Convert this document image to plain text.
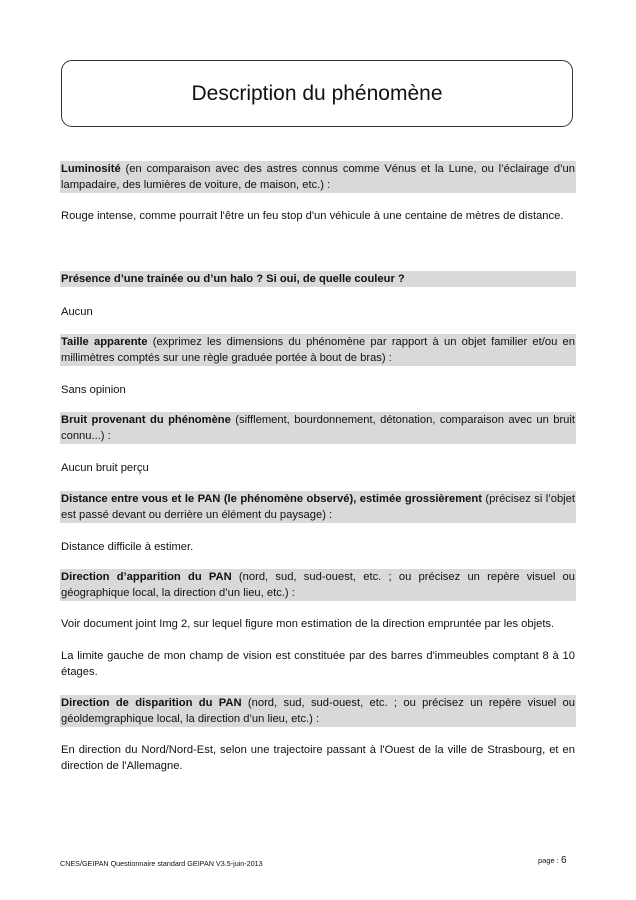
Description du phénomène
Luminosité (en comparaison avec des astres connus comme Vénus et la Lune, ou l’éclairage d’un lampadaire, des lumières de voiture, de maison, etc.) :
Rouge intense, comme pourrait l'être un feu stop d'un véhicule à une centaine de mètres de distance.
Présence d’une trainée ou d’un halo ? Si oui, de quelle couleur ?
Aucun
Taille apparente (exprimez les dimensions du phénomène par rapport à un objet familier et/ou en millimètres comptés sur une règle graduée portée à bout de bras) :
Sans opinion
Bruit provenant du phénomène (sifflement, bourdonnement, détonation, comparaison avec un bruit connu...) :
Aucun bruit perçu
Distance entre vous et le PAN (le phénomène observé), estimée grossièrement (précisez si l’objet est passé devant ou derrière un élément du paysage) :
Distance difficile à estimer.
Direction d’apparition du PAN (nord, sud, sud-ouest, etc. ; ou précisez un repère visuel ou géographique local, la direction d’un lieu, etc.) :
Voir document joint Img 2, sur lequel figure mon estimation de la direction empruntée par les objets.
La limite gauche de mon champ de vision est constituée par des barres d'immeubles comptant 8 à 10 étages.
Direction de disparition du PAN (nord, sud, sud-ouest, etc. ; ou précisez un repère visuel ou géoldemgraphique local, la direction d’un lieu, etc.) :
En direction du Nord/Nord-Est, selon une trajectoire passant à l'Ouest de la ville de Strasbourg, et en direction de l'Allemagne.
CNES/GEIPAN Questionnaire standard GEIPAN V3.5-juin-2013	page : 6
